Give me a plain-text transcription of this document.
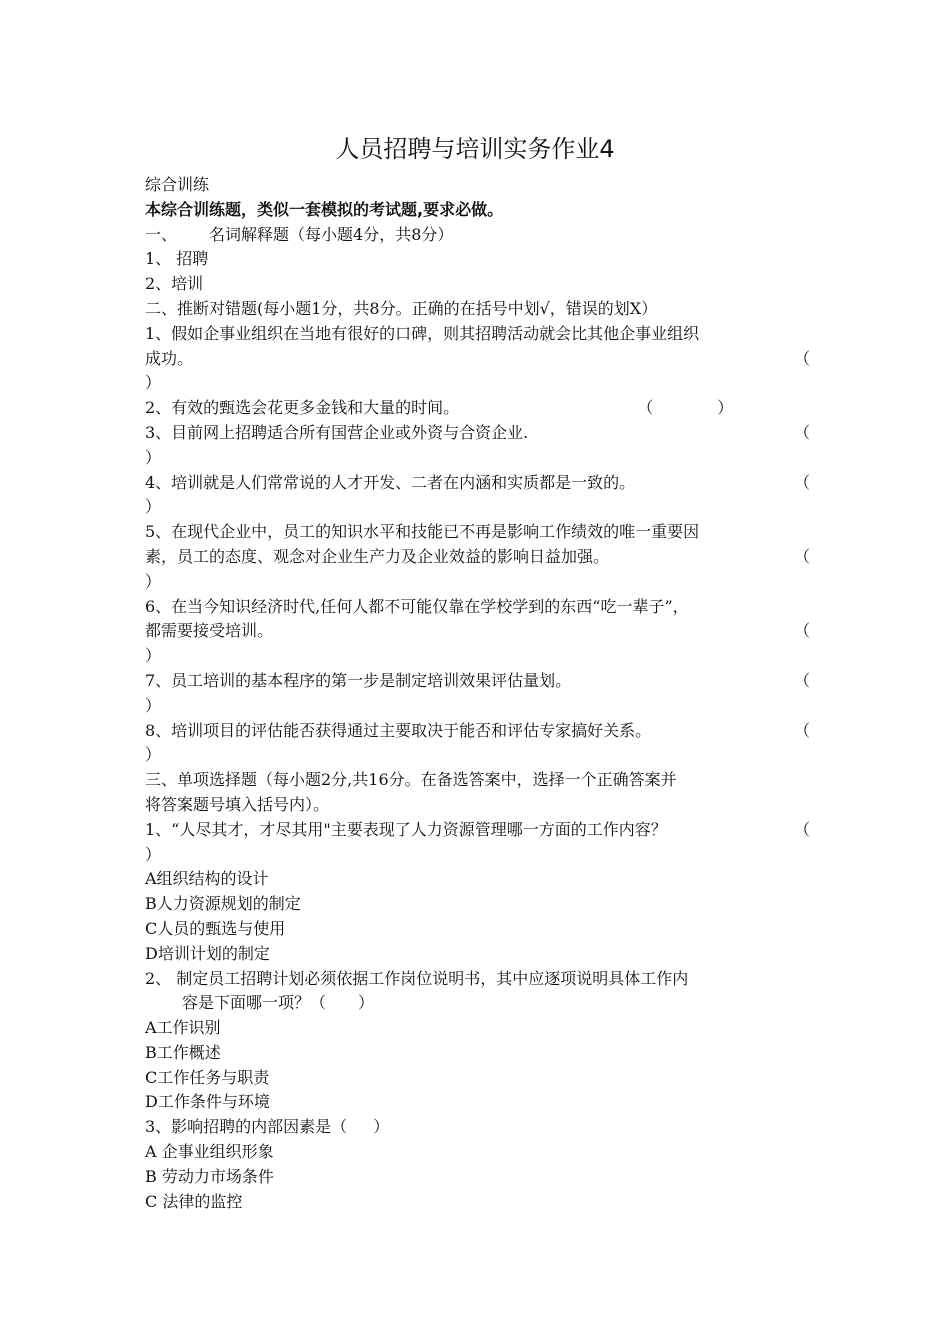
人员招聘与培训实务作业4
综合训练
本综合训练题，类似一套模拟的考试题,要求必做。
一、 名词解释题（每小题4分，共8分）
1、 招聘
2、培训
二、推断对错题(每小题1分，共8分。正确的在括号中划√，错误的划X）
1、假如企事业组织在当地有很好的口碑，则其招聘活动就会比其他企事业组织
成功。	（
）
2、有效的甄选会花更多金钱和大量的时间。	（	）
3、目前网上招聘适合所有国营企业或外资与合资企业.	（
）
4、培训就是人们常常说的人才开发、二者在内涵和实质都是一致的。	（
）
5、在现代企业中，员工的知识水平和技能已不再是影响工作绩效的唯一重要因
素，员工的态度、观念对企业生产力及企业效益的影响日益加强。	（
）
6、在当今知识经济时代,任何人都不可能仅靠在学校学到的东西“吃一辈子”，
都需要接受培训。	（
）
7、员工培训的基本程序的第一步是制定培训效果评估量划。	（
）
8、培训项目的评估能否获得通过主要取决于能否和评估专家搞好关系。	（
）
三、单项选择题（每小题2分,共16分。在备选答案中，选择一个正确答案并
将答案题号填入括号内）。
1、“人尽其才，才尽其用"主要表现了人力资源管理哪一方面的工作内容？	（
）
A组织结构的设计
B人力资源规划的制定
C人员的甄选与使用
D培训计划的制定
2、 制定员工招聘计划必须依据工作岗位说明书，其中应逐项说明具体工作内
容是下面哪一项？（ ）
A工作识别
B工作概述
C工作任务与职责
D工作条件与环境
3、影响招聘的内部因素是（ ）
A 企事业组织形象
B 劳动力市场条件
C 法律的监控
